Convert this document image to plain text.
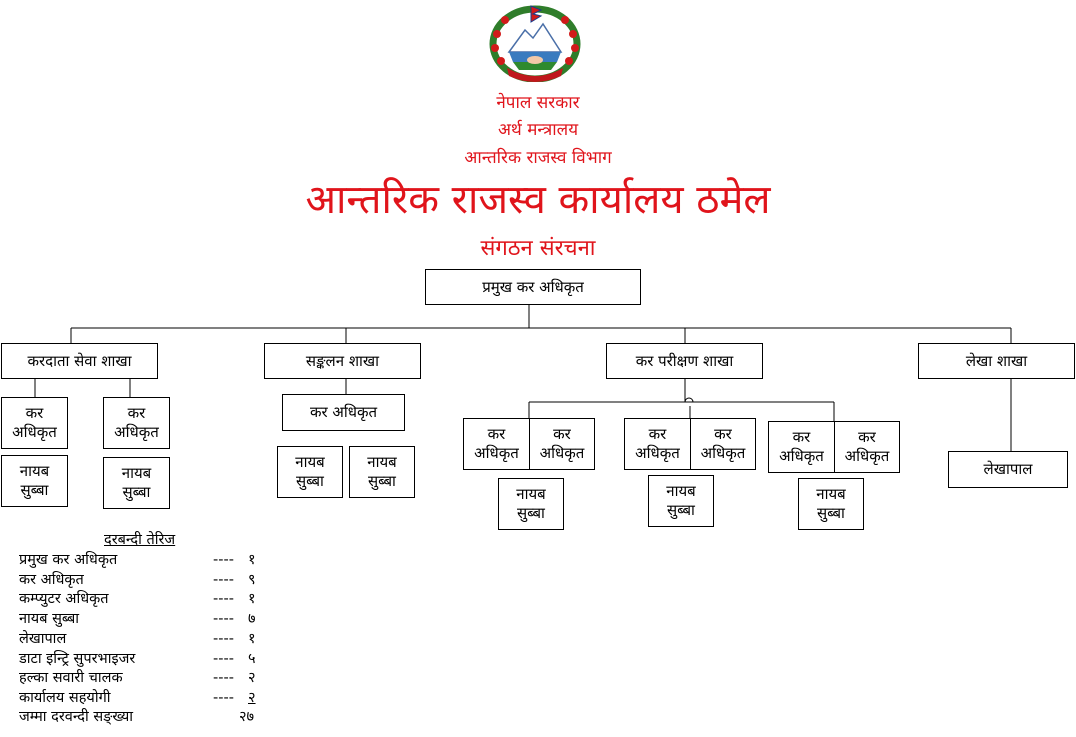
नेपाल सरकार
अर्थ मन्त्रालय
आन्तरिक राजस्व विभाग
आन्तरिक राजस्व कार्यालय ठमेल
संगठन संरचना
प्रमुख कर अधिकृत
करदाता सेवा शाखा	सङ्कलन शाखा	कर परीक्षण शाखा	लेखा शाखा
कर
अधिकृत
कर
अधिकृत
नायब
सुब्बा
नायब
सुब्बा
कर अधिकृत
नायब
सुब्बा
नायब
सुब्बा
कर
अधिकृत
कर
अधिकृत
नायब
सुब्बा
कर
अधिकृत
कर
अधिकृत
नायब
सुब्बा
कर
अधिकृत
कर
अधिकृत
नायब
सुब्बा
लेखापाल
दरबन्दी तेरिज
प्रमुख कर अधिकृत	---- १
कर अधिकृत	---- ९
कम्प्युटर अधिकृत	---- १
नायब सुब्बा	---- ७
लेखापाल	---- १
डाटा इन्ट्रि सुपरभाइजर	---- ५
हल्का सवारी चालक	---- २
कार्यालय सहयोगी	---- २
जम्मा दरवन्दी सङ्ख्या	२७
